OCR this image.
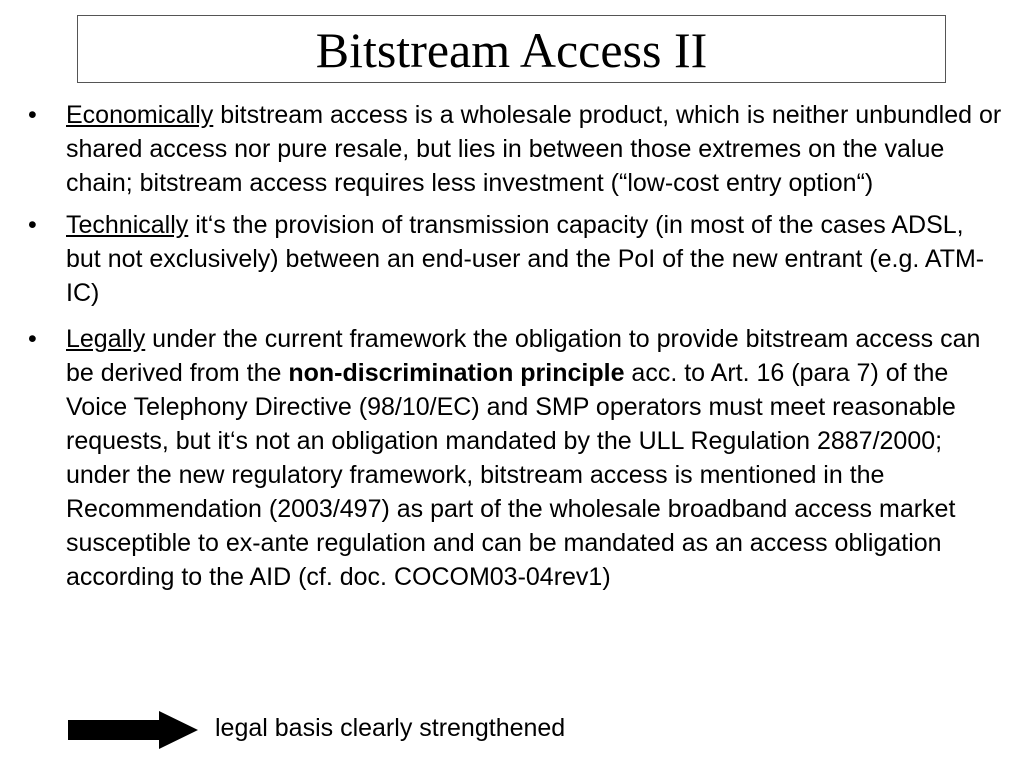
Bitstream Access II
• Economically bitstream access is a wholesale product, which is neither unbundled or shared access nor pure resale, but lies in between those extremes on the value chain; bitstream access requires less investment (“low-cost entry option“)
• Technically it‘s the provision of transmission capacity (in most of the cases ADSL, but not exclusively) between an end-user and the PoI of the new entrant (e.g. ATM-IC)
• Legally under the current framework the obligation to provide bitstream access can be derived from the non-discrimination principle acc. to Art. 16 (para 7) of the Voice Telephony Directive (98/10/EC) and SMP operators must meet reasonable requests, but it‘s not an obligation mandated by the ULL Regulation 2887/2000; under the new regulatory framework, bitstream access is mentioned in the Recommendation (2003/497) as part of the wholesale broadband access market susceptible to ex-ante regulation and can be mandated as an access obligation according to the AID (cf. doc. COCOM03-04rev1)
legal basis clearly strengthened
